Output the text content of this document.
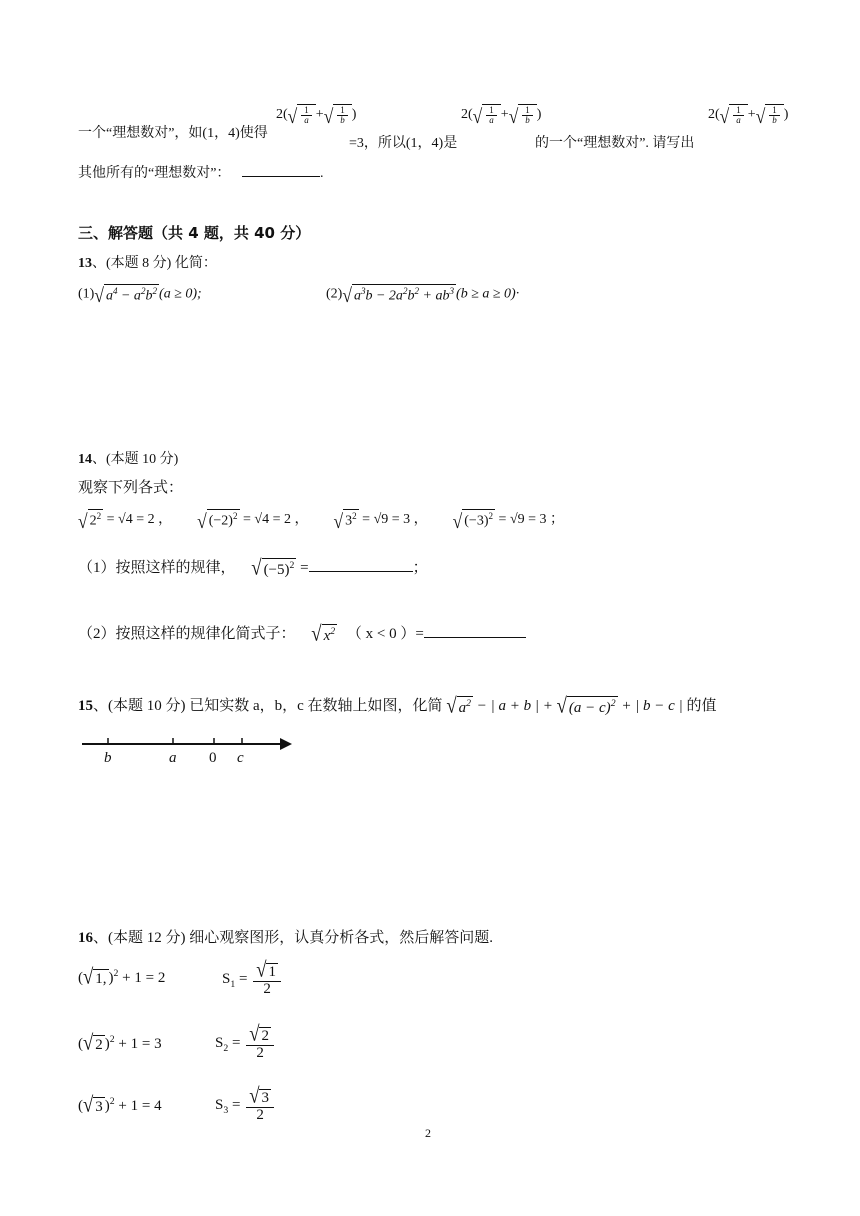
一个“理想数对”，如(1，4)使得
2( √ $\frac{1}{a}$ + √ $\frac{1}{b}$ )
=3，所以(1，4)是
2( √ $\frac{1}{a}$ + √ $\frac{1}{b}$ )
的一个“理想数对”. 请写出
2( √ $\frac{1}{a}$ + √ $\frac{1}{b}$ )
其他所有的“理想数对”：	.
三、解答题（共 4 题，共 40 分）
13、(本题 8 分) 化简：
(1) √ $a^4 - a^2b^2$ (a ≥ 0);	(2) √ $a^3b - 2a^2b^2 + ab^3$ (b ≥ a ≥ 0)·
14、(本题 10 分)
观察下列各式：
√ $2^2 = √4 = 2$ ， √ $(-2)^2 = √4 = 2$ ， √ $3^2 = √9 = 3$ ， √ $(-3)^2 = √9 = 3$ ；
（1）按照这样的规律， √ $(-5)^2$ =	；
（2）按照这样的规律化简式子： √ $x^2$ （ x < 0 ）=
15、(本题 10 分) 已知实数 a，b，c 在数轴上如图，化简 √ $a^2$ − | a + b | + √ $(a - c)^2$ + | b − c | 的值
b	a 0 c
16、(本题 12 分) 细心观察图形，认真分析各式，然后解答问题.
( √ 1, )$^2$ + 1 = 2	$S_1 = \frac{√ 1}{2}$
( √ 2 )$^2$ + 1 = 3	$S_2 = \frac{√ 2}{2}$
( √ 3 )$^2$ + 1 = 4	$S_3 = \frac{√ 3}{2}$
2
